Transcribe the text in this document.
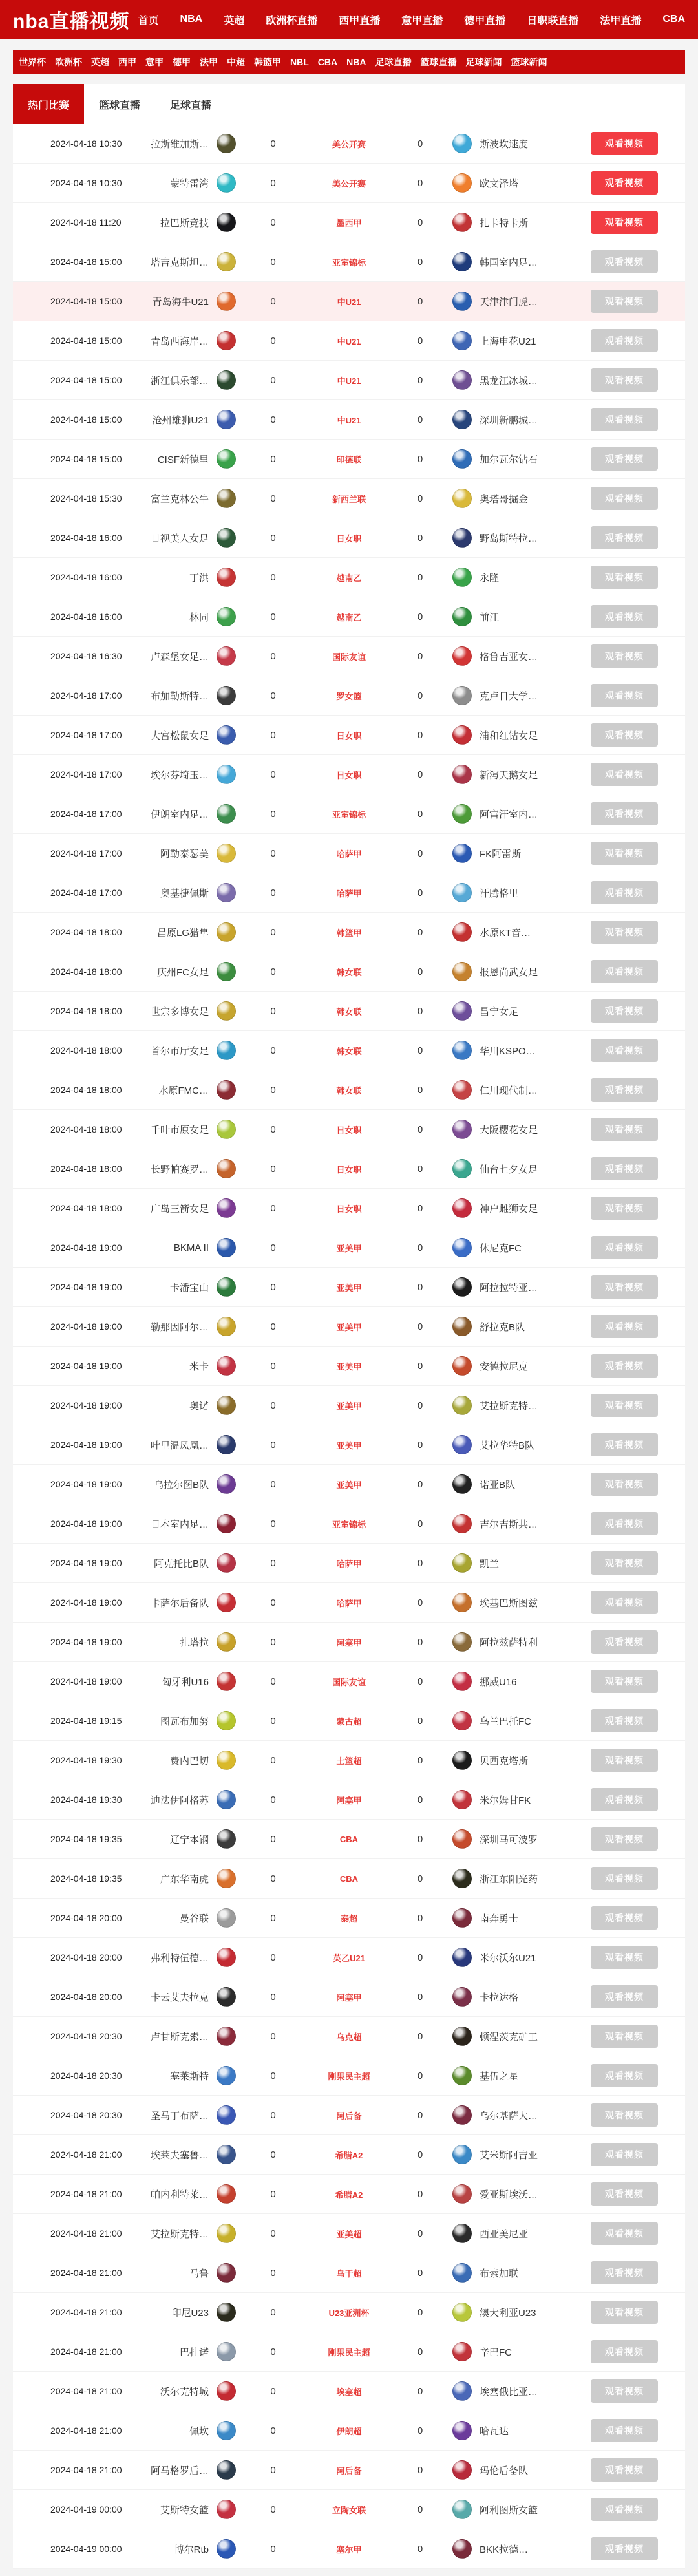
nba直播视频 首页 NBA 英超 欧洲杯直播 西甲直播 意甲直播 德甲直播 日职联直播 法甲直播 CBA
世界杯 欧洲杯 英超 西甲 意甲 德甲 法甲 中超 韩篮甲 NBL CBA NBA 足球直播 篮球直播 足球新闻 篮球新闻
热门比赛	篮球直播	足球直播
2024-04-18 10:30	拉斯维加斯…	0	美公开赛	0	斯波坎速度	观看视频
2024-04-18 10:30	蒙特雷湾	0	美公开赛	0	欧文泽塔	观看视频
2024-04-18 11:20	拉巴斯竞技	0	墨西甲	0	扎卡特卡斯	观看视频
2024-04-18 15:00	塔吉克斯坦…	0	亚室锦标	0	韩国室内足…	观看视频
2024-04-18 15:00	青岛海牛U21	0	中U21	0	天津津门虎…	观看视频
2024-04-18 15:00	青岛西海岸…	0	中U21	0	上海申花U21	观看视频
2024-04-18 15:00	浙江俱乐部…	0	中U21	0	黑龙江冰城…	观看视频
2024-04-18 15:00	沧州雄狮U21	0	中U21	0	深圳新鹏城…	观看视频
2024-04-18 15:00	CISF新德里	0	印德联	0	加尔瓦尔钻石	观看视频
2024-04-18 15:30	富兰克林公牛	0	新西兰联	0	奥塔哥掘金	观看视频
2024-04-18 16:00	日视美人女足	0	日女职	0	野岛斯特拉…	观看视频
2024-04-18 16:00	丁洪	0	越南乙	0	永隆	观看视频
2024-04-18 16:00	林同	0	越南乙	0	前江	观看视频
2024-04-18 16:30	卢森堡女足…	0	国际友谊	0	格鲁吉亚女…	观看视频
2024-04-18 17:00	布加勒斯特…	0	罗女篮	0	克卢日大学…	观看视频
2024-04-18 17:00	大宫松鼠女足	0	日女职	0	浦和红钻女足	观看视频
2024-04-18 17:00	埃尔芬埼玉…	0	日女职	0	新泻天鹅女足	观看视频
2024-04-18 17:00	伊朗室内足…	0	亚室锦标	0	阿富汗室内…	观看视频
2024-04-18 17:00	阿勒泰瑟美	0	哈萨甲	0	FK阿雷斯	观看视频
2024-04-18 17:00	奥基捷佩斯	0	哈萨甲	0	汗腾格里	观看视频
2024-04-18 18:00	昌原LG猎隼	0	韩篮甲	0	水原KT音…	观看视频
2024-04-18 18:00	庆州FC女足	0	韩女联	0	报恩尚武女足	观看视频
2024-04-18 18:00	世宗多博女足	0	韩女联	0	昌宁女足	观看视频
2024-04-18 18:00	首尔市厅女足	0	韩女联	0	华川KSPO…	观看视频
2024-04-18 18:00	水原FMC…	0	韩女联	0	仁川现代制…	观看视频
2024-04-18 18:00	千叶市原女足	0	日女职	0	大阪樱花女足	观看视频
2024-04-18 18:00	长野帕赛罗…	0	日女职	0	仙台七夕女足	观看视频
2024-04-18 18:00	广岛三箭女足	0	日女职	0	神户雌狮女足	观看视频
2024-04-18 19:00	BKMA II	0	亚美甲	0	休尼克FC	观看视频
2024-04-18 19:00	卡潘宝山	0	亚美甲	0	阿拉拉特亚…	观看视频
2024-04-18 19:00	勒那因阿尔…	0	亚美甲	0	舒拉克B队	观看视频
2024-04-18 19:00	米卡	0	亚美甲	0	安德拉尼克	观看视频
2024-04-18 19:00	奥诺	0	亚美甲	0	艾拉斯克特…	观看视频
2024-04-18 19:00	叶里温凤凰…	0	亚美甲	0	艾拉华特B队	观看视频
2024-04-18 19:00	乌拉尔图B队	0	亚美甲	0	诺亚B队	观看视频
2024-04-18 19:00	日本室内足…	0	亚室锦标	0	吉尔吉斯共…	观看视频
2024-04-18 19:00	阿克托比B队	0	哈萨甲	0	凯兰	观看视频
2024-04-18 19:00	卡萨尔后备队	0	哈萨甲	0	埃基巴斯图兹	观看视频
2024-04-18 19:00	扎塔拉	0	阿塞甲	0	阿拉兹萨特利	观看视频
2024-04-18 19:00	匈牙利U16	0	国际友谊	0	挪威U16	观看视频
2024-04-18 19:15	图瓦布加努	0	蒙古超	0	乌兰巴托FC	观看视频
2024-04-18 19:30	费内巴切	0	土篮超	0	贝西克塔斯	观看视频
2024-04-18 19:30	迪法伊阿格苏	0	阿塞甲	0	米尔姆甘FK	观看视频
2024-04-18 19:35	辽宁本钢	0	CBA	0	深圳马可波罗	观看视频
2024-04-18 19:35	广东华南虎	0	CBA	0	浙江东阳光药	观看视频
2024-04-18 20:00	曼谷联	0	泰超	0	南奔勇士	观看视频
2024-04-18 20:00	弗利特伍德…	0	英乙U21	0	米尔沃尔U21	观看视频
2024-04-18 20:00	卡云艾夫拉克	0	阿塞甲	0	卡拉达格	观看视频
2024-04-18 20:30	卢甘斯克索…	0	乌克超	0	顿涅茨克矿工	观看视频
2024-04-18 20:30	塞莱斯特	0	刚果民主超	0	基伍之星	观看视频
2024-04-18 20:30	圣马丁布萨…	0	阿后备	0	乌尔基萨大…	观看视频
2024-04-18 21:00	埃莱夫塞鲁…	0	希腊A2	0	艾米斯阿吉亚	观看视频
2024-04-18 21:00	帕内利特莱…	0	希腊A2	0	爱亚斯埃沃…	观看视频
2024-04-18 21:00	艾拉斯克特…	0	亚美超	0	西亚美尼亚	观看视频
2024-04-18 21:00	马鲁	0	乌干超	0	布索加联	观看视频
2024-04-18 21:00	印尼U23	0	U23亚洲杯	0	澳大利亚U23	观看视频
2024-04-18 21:00	巴扎诺	0	刚果民主超	0	辛巴FC	观看视频
2024-04-18 21:00	沃尔克特城	0	埃塞超	0	埃塞俄比亚…	观看视频
2024-04-18 21:00	佩坎	0	伊朗超	0	哈瓦达	观看视频
2024-04-18 21:00	阿马格罗后…	0	阿后备	0	玛伦后备队	观看视频
2024-04-19 00:00	艾斯特女篮	0	立陶女联	0	阿利图斯女篮	观看视频
2024-04-19 00:00	博尔Rtb	0	塞尔甲	0	BKK拉德…	观看视频
